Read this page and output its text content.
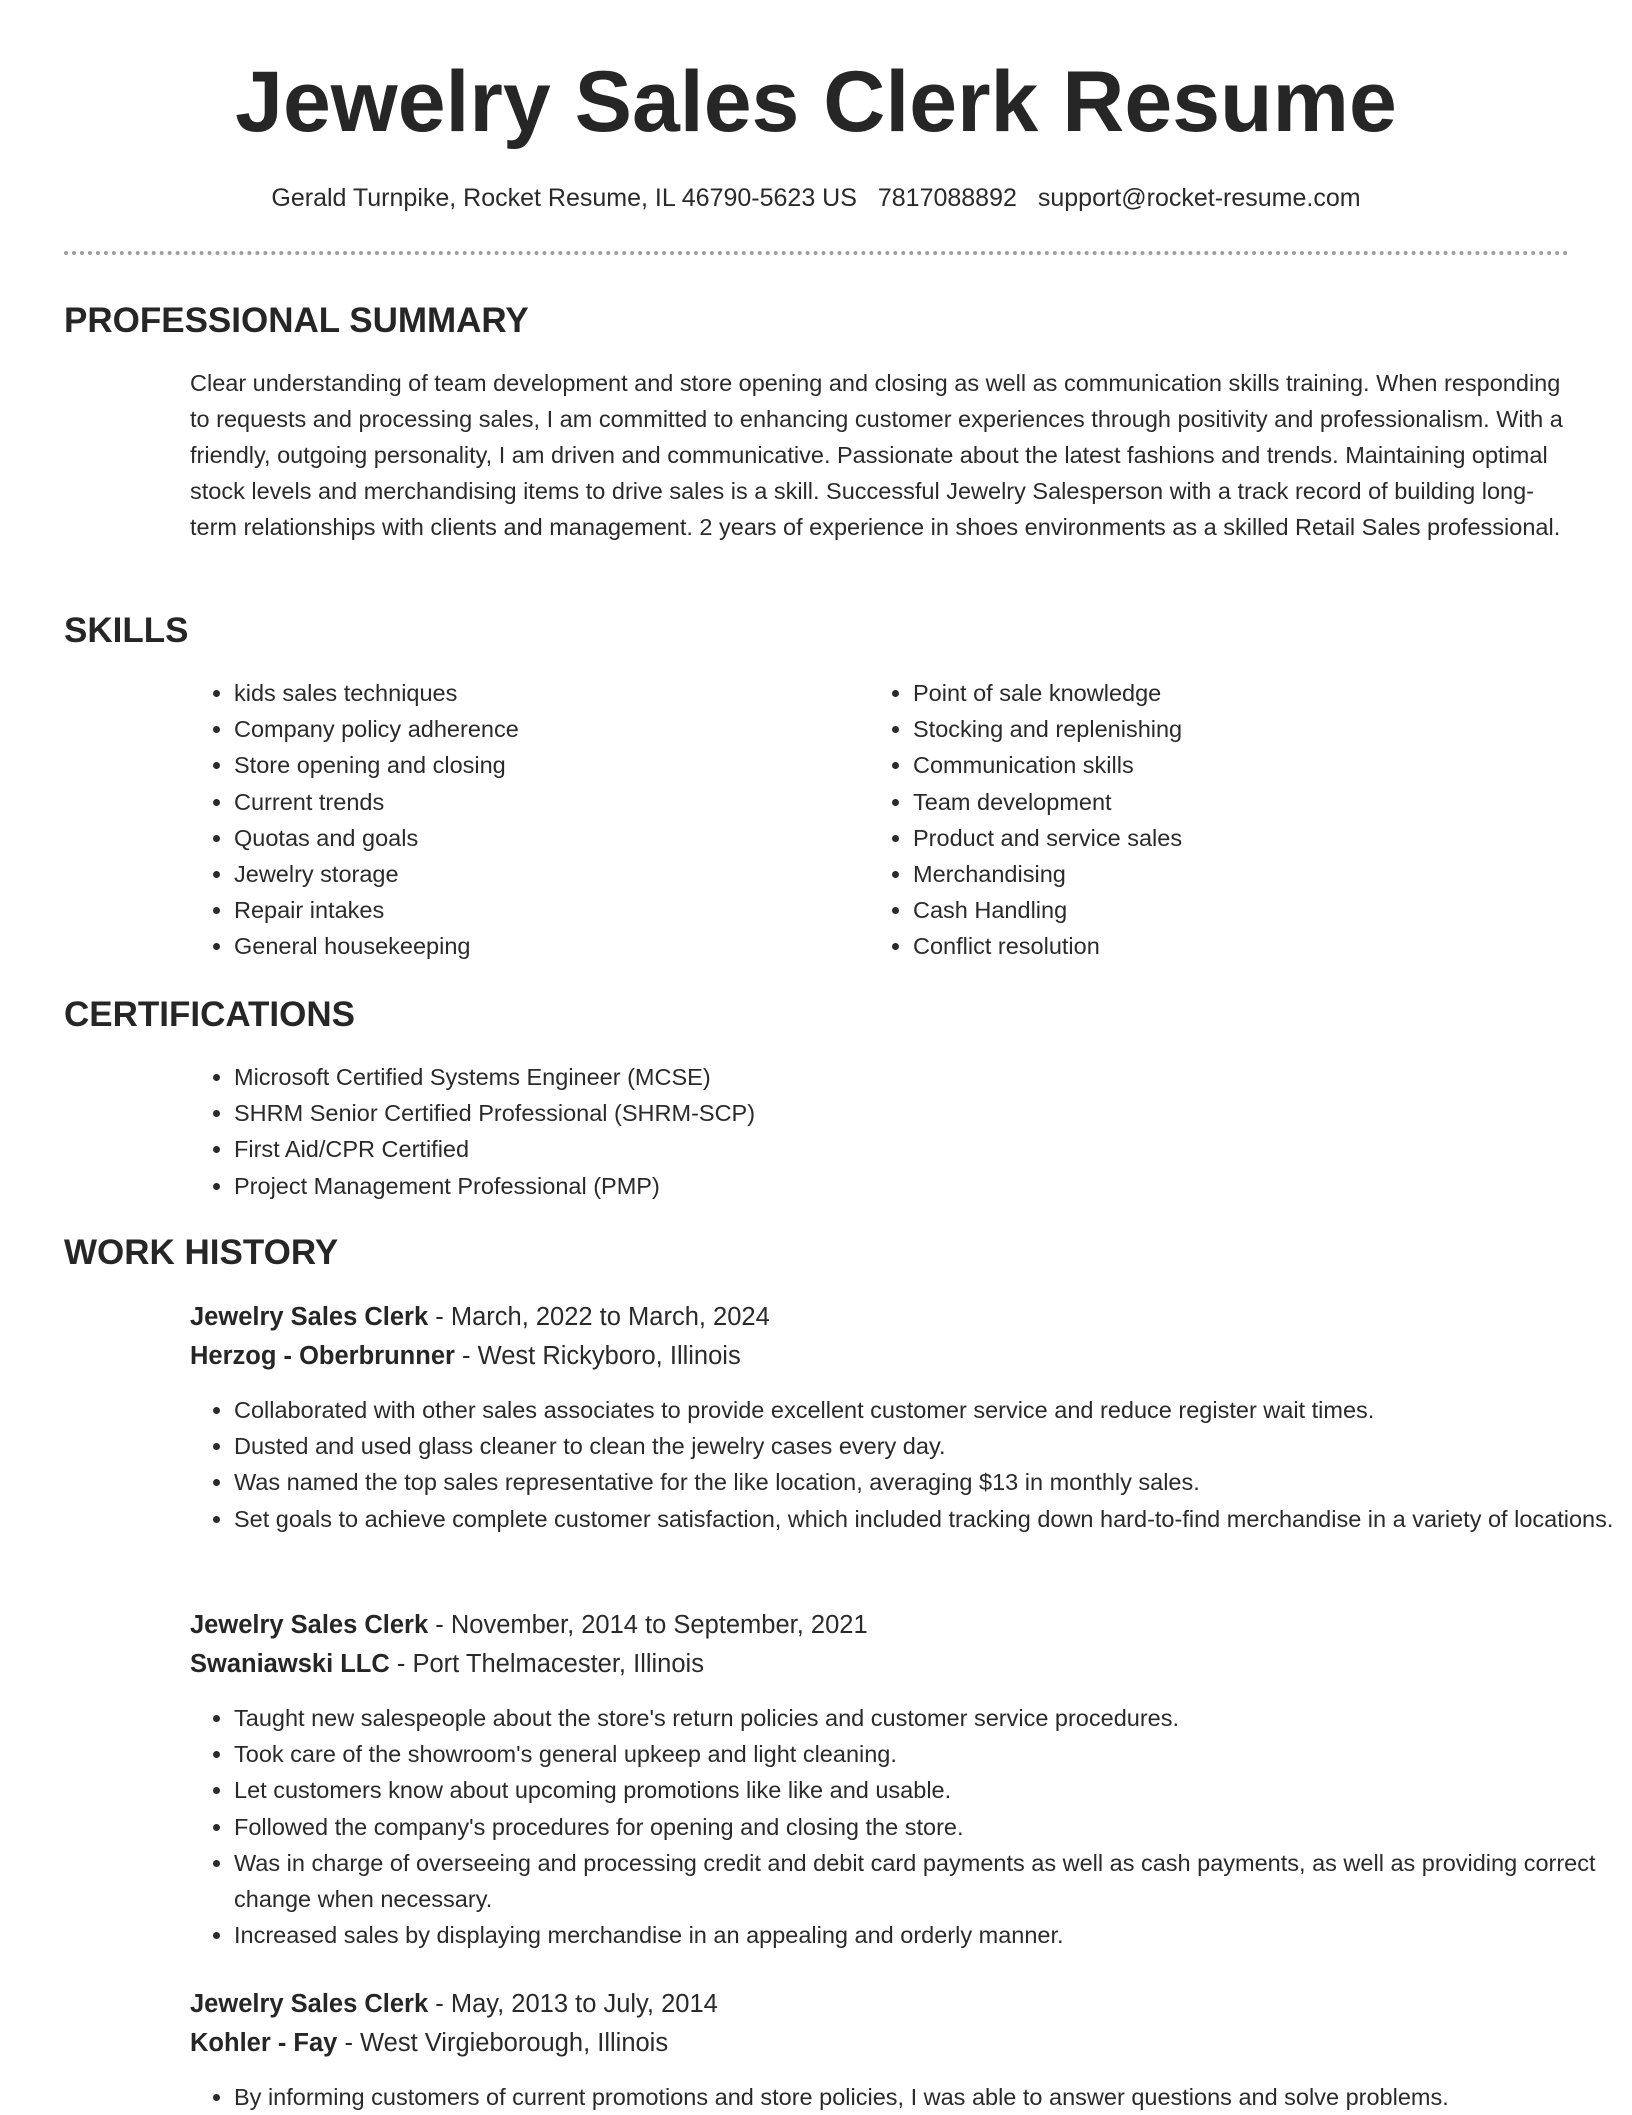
Jewelry Sales Clerk Resume
Gerald Turnpike, Rocket Resume, IL 46790-5623 US 7817088892 support@rocket-resume.com
PROFESSIONAL SUMMARY

Clear understanding of team development and store opening and closing as well as communication skills training. When responding to requests and processing sales, I am committed to enhancing customer experiences through positivity and professionalism. With a friendly, outgoing personality, I am driven and communicative. Passionate about the latest fashions and trends. Maintaining optimal stock levels and merchandising items to drive sales is a skill. Successful Jewelry Salesperson with a track record of building long-term relationships with clients and management. 2 years of experience in shoes environments as a skilled Retail Sales professional.

SKILLS
• kids sales techniques
• Company policy adherence
• Store opening and closing
• Current trends
• Quotas and goals
• Jewelry storage
• Repair intakes
• General housekeeping
• Point of sale knowledge
• Stocking and replenishing
• Communication skills
• Team development
• Product and service sales
• Merchandising
• Cash Handling
• Conflict resolution
CERTIFICATIONS
• Microsoft Certified Systems Engineer (MCSE)
• SHRM Senior Certified Professional (SHRM-SCP)
• First Aid/CPR Certified
• Project Management Professional (PMP)
WORK HISTORY
Jewelry Sales Clerk - March, 2022 to March, 2024
Herzog - Oberbrunner - West Rickyboro, Illinois
• Collaborated with other sales associates to provide excellent customer service and reduce register wait times.
• Dusted and used glass cleaner to clean the jewelry cases every day.
• Was named the top sales representative for the like location, averaging $13 in monthly sales.
• Set goals to achieve complete customer satisfaction, which included tracking down hard-to-find merchandise in a variety of locations.
Jewelry Sales Clerk - November, 2014 to September, 2021
Swaniawski LLC - Port Thelmacester, Illinois
• Taught new salespeople about the store's return policies and customer service procedures.
• Took care of the showroom's general upkeep and light cleaning.
• Let customers know about upcoming promotions like like and usable.
• Followed the company's procedures for opening and closing the store.
• Was in charge of overseeing and processing credit and debit card payments as well as cash payments, as well as providing correct change when necessary.
• Increased sales by displaying merchandise in an appealing and orderly manner.
Jewelry Sales Clerk - May, 2013 to July, 2014
Kohler - Fay - West Virgieborough, Illinois
• By informing customers of current promotions and store policies, I was able to answer questions and solve problems.
